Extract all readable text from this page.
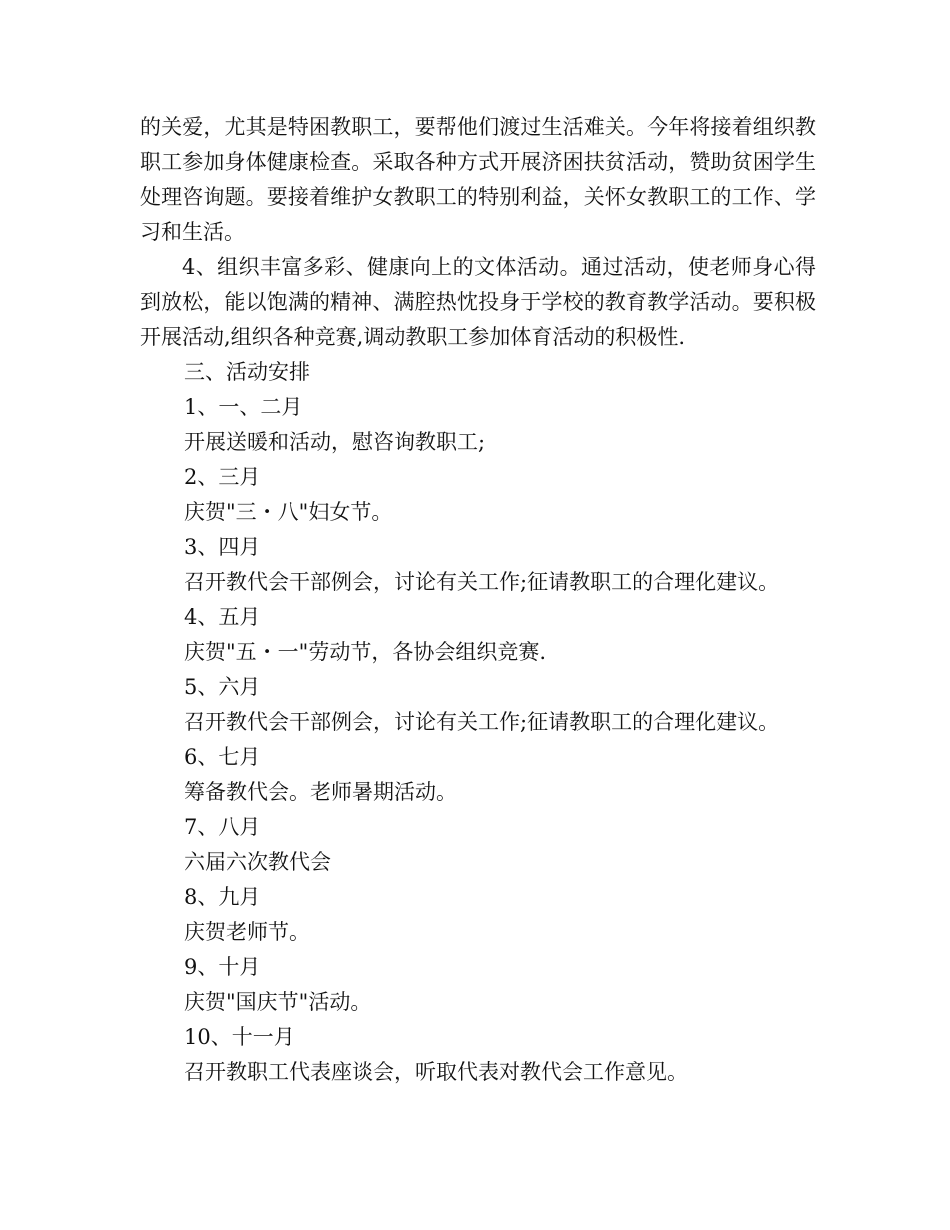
的关爱，尤其是特困教职工，要帮他们渡过生活难关。今年将接着组织教职工参加身体健康检查。采取各种方式开展济困扶贫活动，赞助贫困学生处理咨询题。要接着维护女教职工的特别利益，关怀女教职工的工作、学习和生活。

4、组织丰富多彩、健康向上的文体活动。通过活动，使老师身心得到放松，能以饱满的精神、满腔热忱投身于学校的教育教学活动。要积极开展活动,组织各种竞赛,调动教职工参加体育活动的积极性.

三、活动安排

1、一、二月

开展送暖和活动，慰咨询教职工;

2、三月

庆贺"三・八"妇女节。

3、四月

召开教代会干部例会，讨论有关工作;征请教职工的合理化建议。

4、五月

庆贺"五・一"劳动节，各协会组织竞赛.

5、六月

召开教代会干部例会，讨论有关工作;征请教职工的合理化建议。

6、七月

筹备教代会。老师暑期活动。

7、八月

六届六次教代会

8、九月

庆贺老师节。

9、十月

庆贺"国庆节"活动。

10、十一月

召开教职工代表座谈会，听取代表对教代会工作意见。
